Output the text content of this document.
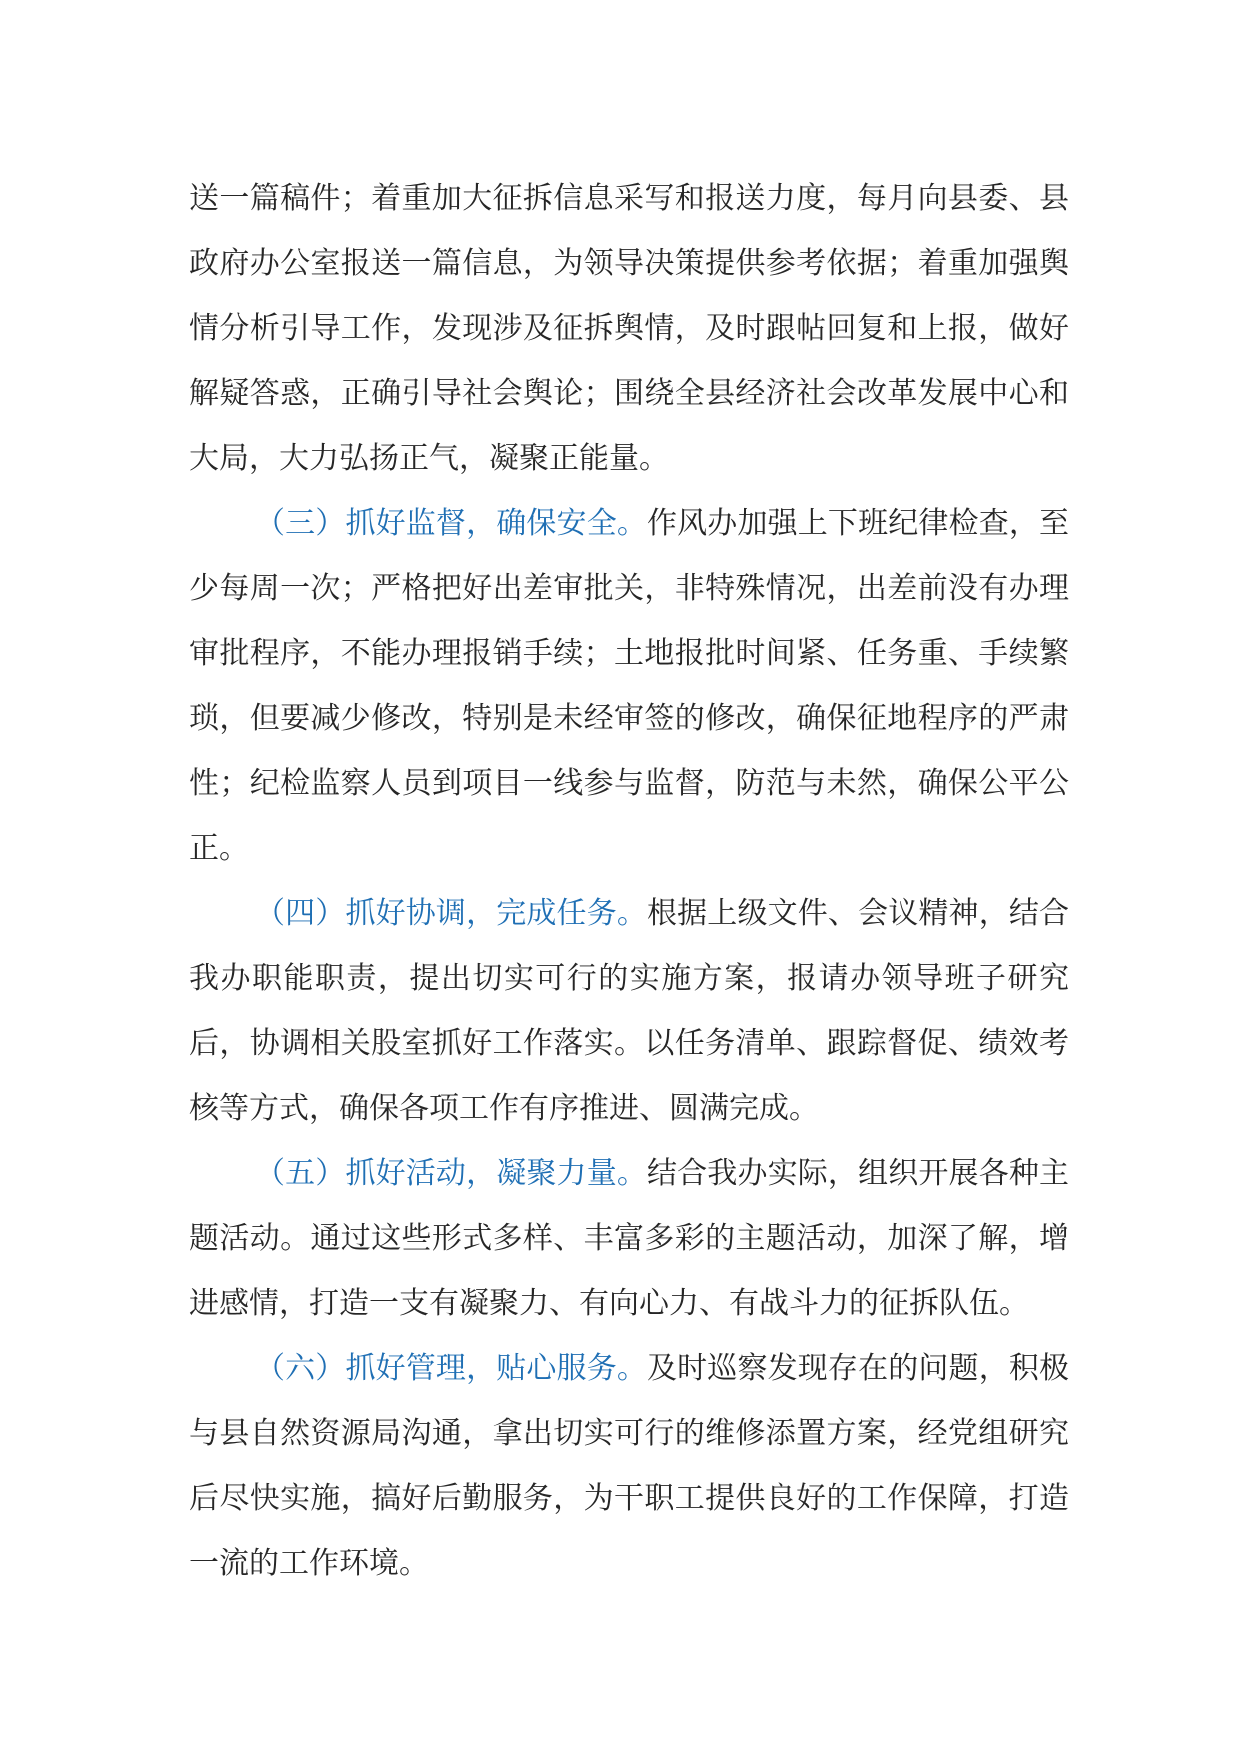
送一篇稿件；着重加大征拆信息采写和报送力度，每月向县委、县政府办公室报送一篇信息，为领导决策提供参考依据；着重加强舆情分析引导工作，发现涉及征拆舆情，及时跟帖回复和上报，做好解疑答惑，正确引导社会舆论；围绕全县经济社会改革发展中心和大局，大力弘扬正气，凝聚正能量。

（三）抓好监督，确保安全。作风办加强上下班纪律检查，至少每周一次；严格把好出差审批关，非特殊情况，出差前没有办理审批程序，不能办理报销手续；土地报批时间紧、任务重、手续繁琐，但要减少修改，特别是未经审签的修改，确保征地程序的严肃性；纪检监察人员到项目一线参与监督，防范与未然，确保公平公正。

（四）抓好协调，完成任务。根据上级文件、会议精神，结合我办职能职责，提出切实可行的实施方案，报请办领导班子研究后，协调相关股室抓好工作落实。以任务清单、跟踪督促、绩效考核等方式，确保各项工作有序推进、圆满完成。

（五）抓好活动，凝聚力量。结合我办实际，组织开展各种主题活动。通过这些形式多样、丰富多彩的主题活动，加深了解，增进感情，打造一支有凝聚力、有向心力、有战斗力的征拆队伍。

（六）抓好管理，贴心服务。及时巡察发现存在的问题，积极与县自然资源局沟通，拿出切实可行的维修添置方案，经党组研究后尽快实施，搞好后勤服务，为干职工提供良好的工作保障，打造一流的工作环境。
